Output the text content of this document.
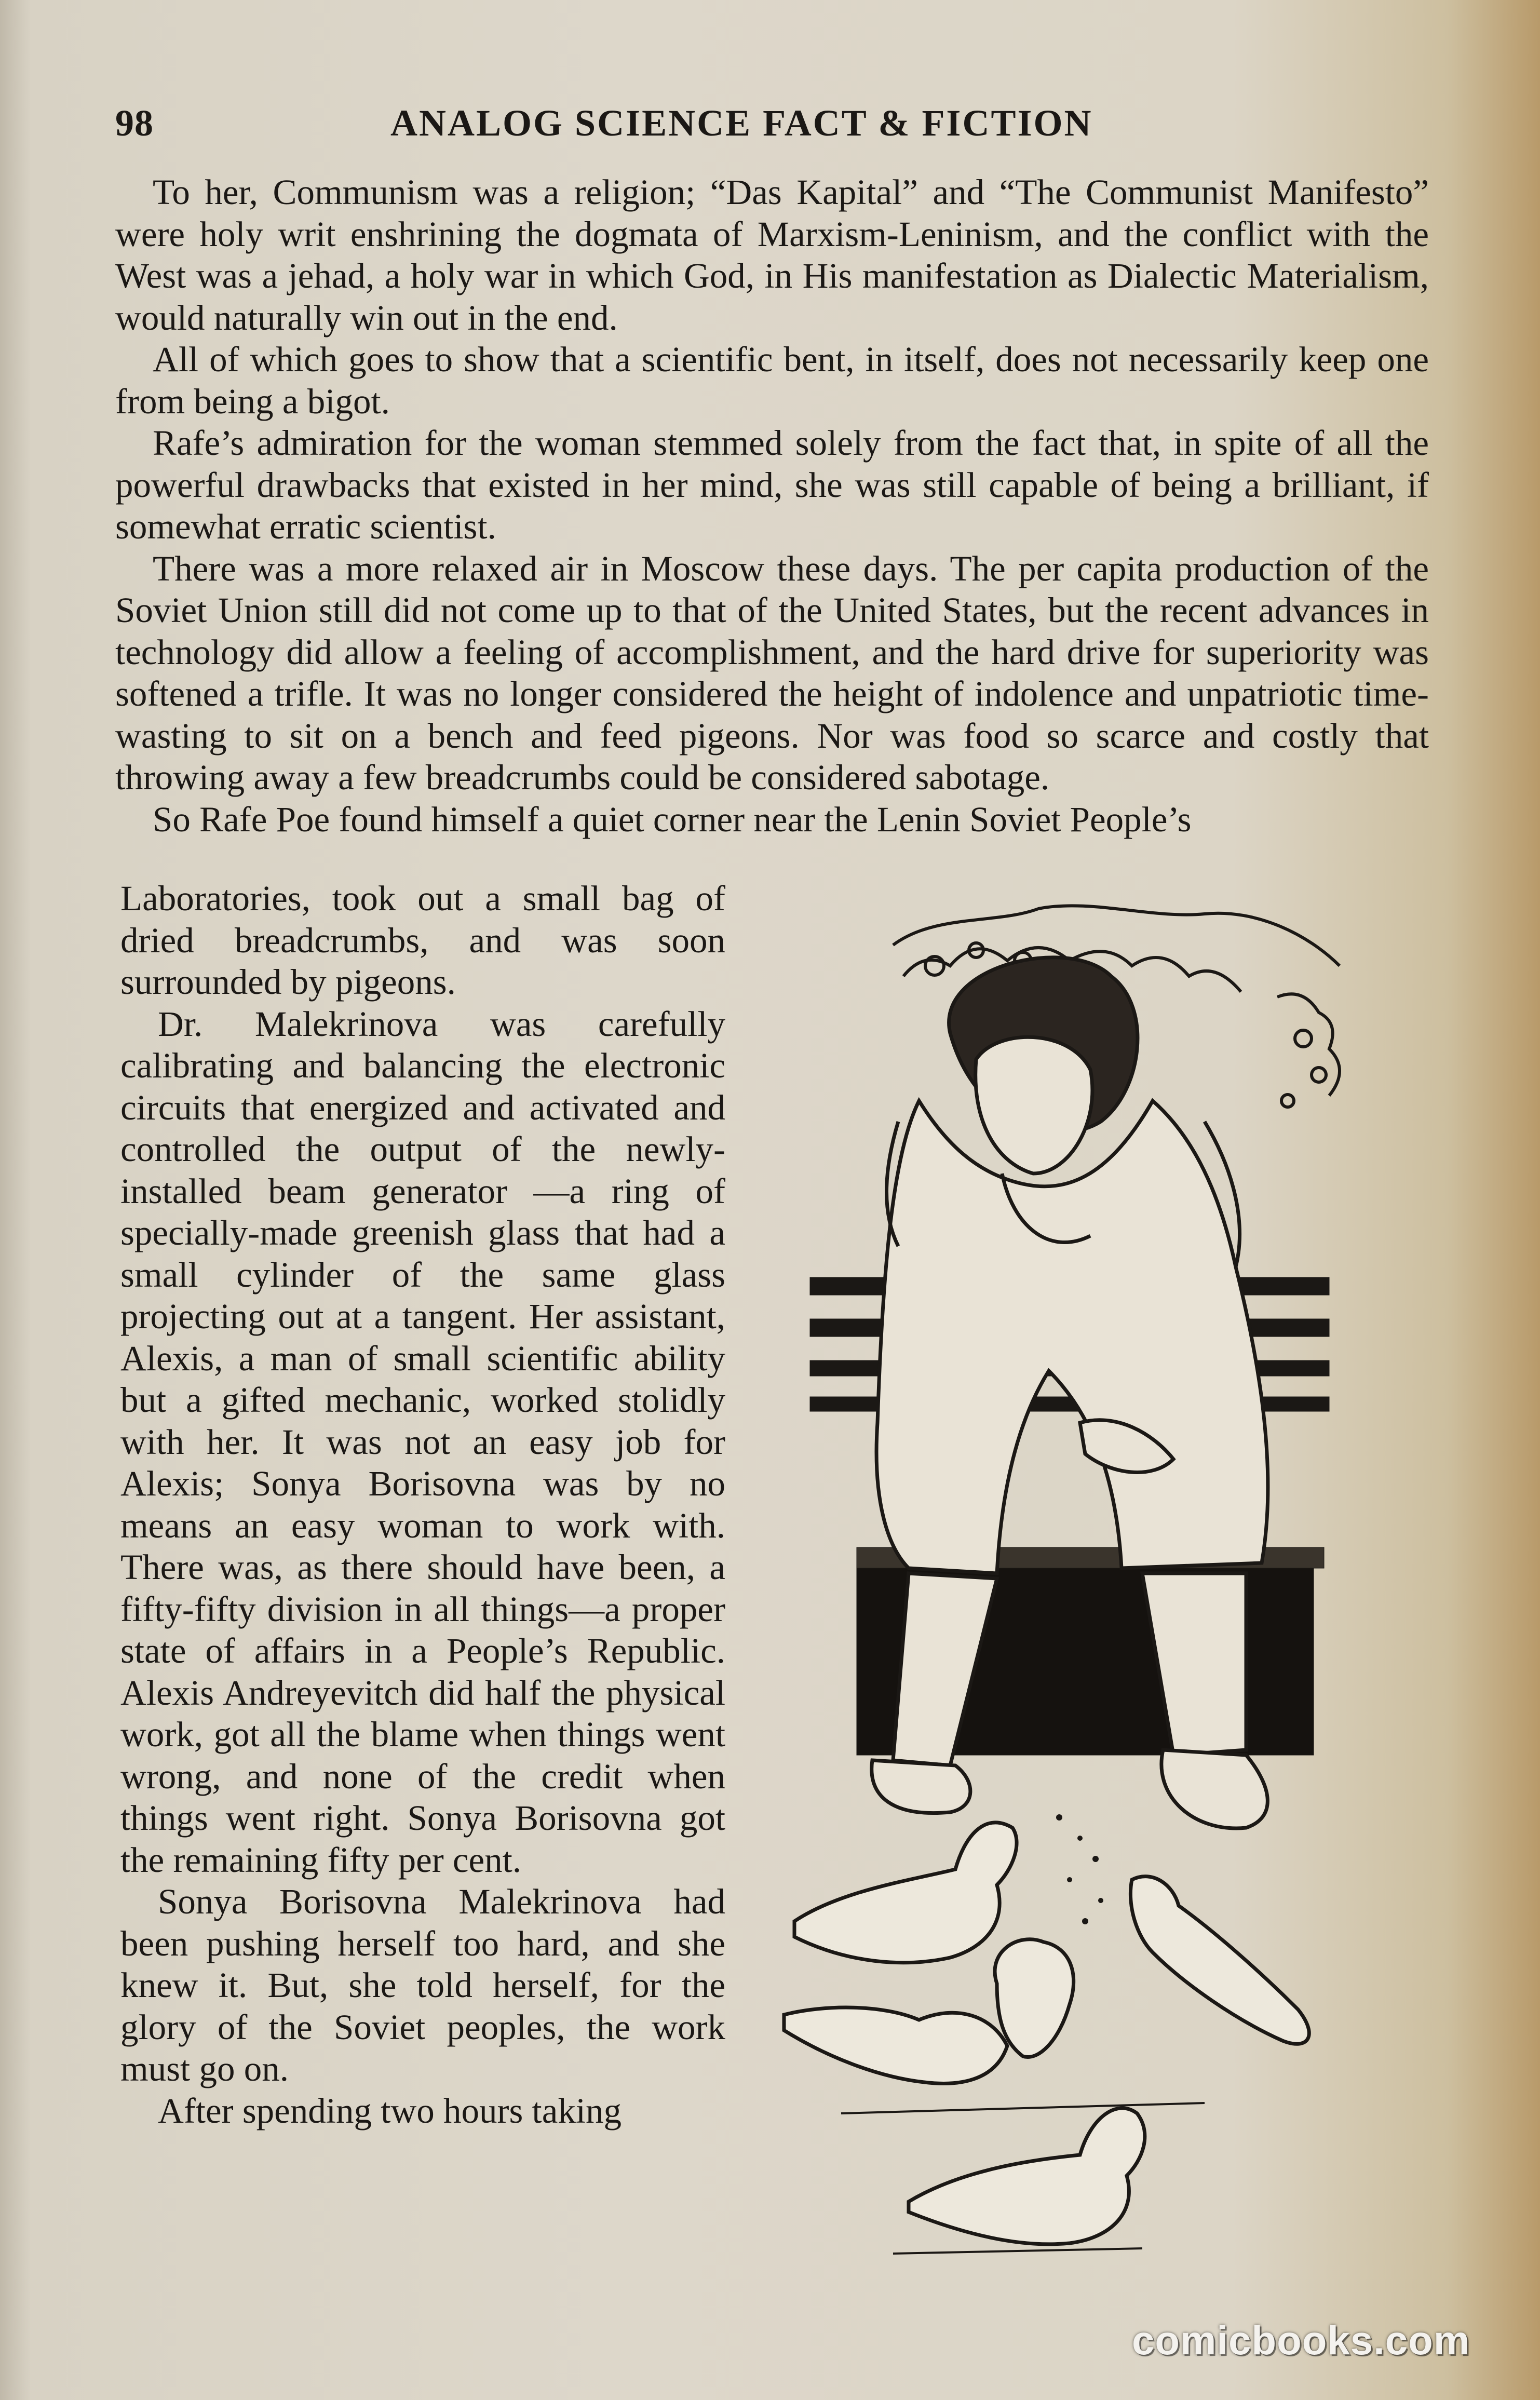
98	ANALOG SCIENCE FACT & FICTION

To her, Communism was a religion; “Das Kapital” and “The Communist Manifesto” were holy writ enshrining the dogmata of Marxism-Leninism, and the conflict with the West was a jehad, a holy war in which God, in His manifestation as Dialectic Materialism, would naturally win out in the end.

All of which goes to show that a scientific bent, in itself, does not necessarily keep one from being a bigot.

Rafe’s admiration for the woman stemmed solely from the fact that, in spite of all the powerful drawbacks that existed in her mind, she was still capable of being a brilliant, if somewhat erratic scientist.

There was a more relaxed air in Moscow these days. The per capita production of the Soviet Union still did not come up to that of the United States, but the recent advances in technology did allow a feeling of accomplishment, and the hard drive for superiority was softened a trifle. It was no longer considered the height of indolence and unpatriotic time-wasting to sit on a bench and feed pigeons. Nor was food so scarce and costly that throwing away a few breadcrumbs could be considered sabotage.

So Rafe Poe found himself a quiet corner near the Lenin Soviet People’s

Laboratories, took out a small bag of dried breadcrumbs, and was soon surrounded by pigeons.

Dr. Malekrinova was carefully calibrating and balancing the electronic circuits that energized and activated and controlled the output of the newly-installed beam generator —a ring of specially-made greenish glass that had a small cylinder of the same glass projecting out at a tangent. Her assistant, Alexis, a man of small scientific ability but a gifted mechanic, worked stolidly with her. It was not an easy job for Alexis; Sonya Borisovna was by no means an easy woman to work with. There was, as there should have been, a fifty-fifty division in all things—a proper state of affairs in a People’s Republic. Alexis Andreyevitch did half the physical work, got all the blame when things went wrong, and none of the credit when things went right. Sonya Borisovna got the remaining fifty per cent.

Sonya Borisovna Malekrinova had been pushing herself too hard, and she knew it. But, she told herself, for the glory of the Soviet peoples, the work must go on.

After spending two hours taking

comicbooks.com
